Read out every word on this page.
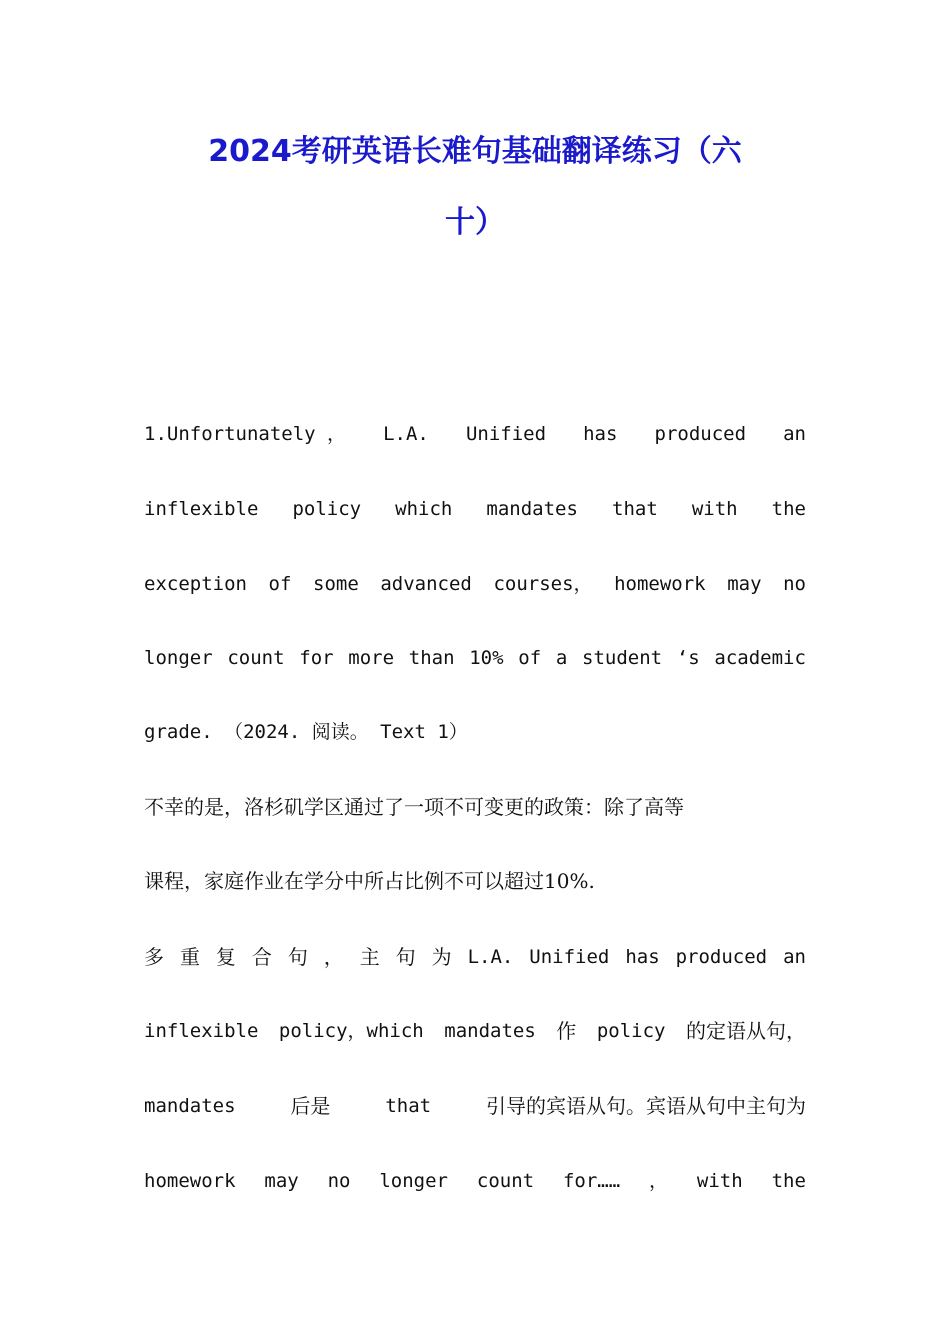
2024考研英语长难句基础翻译练习（六
十）
1.Unfortunately ， L.A. Unified has produced an
inflexible policy which mandates that with the
exception of some advanced courses， homework may no
longer count for more than 10% of a student ‘s academic
grade. （2024. 阅读。 Text 1）
不幸的是，洛杉矶学区通过了一项不可变更的政策：除了高等
课程，家庭作业在学分中所占比例不可以超过10%.
多 重 复 合 句 ， 主 句 为 L.A. Unified has produced an
inflexible policy，which mandates 作 policy 的定语从句，
mandates	后是	that	引导的宾语从句。宾语从句中主句为
homework may no longer count for…… ， with the
